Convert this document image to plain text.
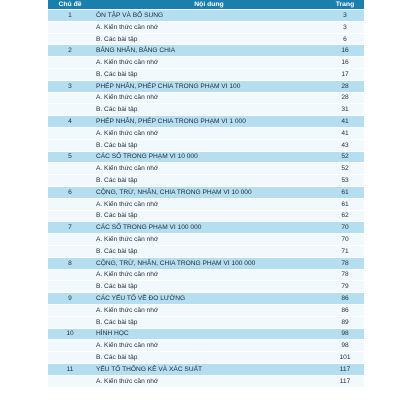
Chủ đề	Nội dung	Trang
1	ÔN TẬP VÀ BỔ SUNG	3
A. Kiến thức cần nhớ	3
B. Các bài tập	6
2	BẢNG NHÂN, BẢNG CHIA	16
A. Kiến thức cần nhớ	16
B. Các bài tập	17
3	PHÉP NHÂN, PHÉP CHIA TRONG PHẠM VI 100	28
A. Kiến thức cần nhớ	28
B. Các bài tập	31
4	PHÉP NHÂN, PHÉP CHIA TRONG PHẠM VI 1 000	41
A. Kiến thức cần nhớ	41
B. Các bài tập	43
5	CÁC SỐ TRONG PHẠM VI 10 000	52
A. Kiến thức cần nhớ	52
B. Các bài tập	53
6	CỘNG, TRỪ, NHÂN, CHIA TRONG PHẠM VI 10 000	61
A. Kiến thức cần nhớ	61
B. Các bài tập	62
7	CÁC SỐ TRONG PHẠM VI 100 000	70
A. Kiến thức cần nhớ	70
B. Các bài tập	71
8	CỘNG, TRỪ, NHÂN, CHIA TRONG PHẠM VI 100 000	78
A. Kiến thức cần nhớ	78
B. Các bài tập	79
9	CÁC YẾU TỐ VỀ ĐO LƯỜNG	86
A. Kiến thức cần nhớ	86
B. Các bài tập	89
10	HÌNH HỌC	98
A. Kiến thức cần nhớ	98
B. Các bài tập	101
11	YẾU TỐ THỐNG KÊ VÀ XÁC SUẤT	117
A. Kiến thức cần nhớ	117
